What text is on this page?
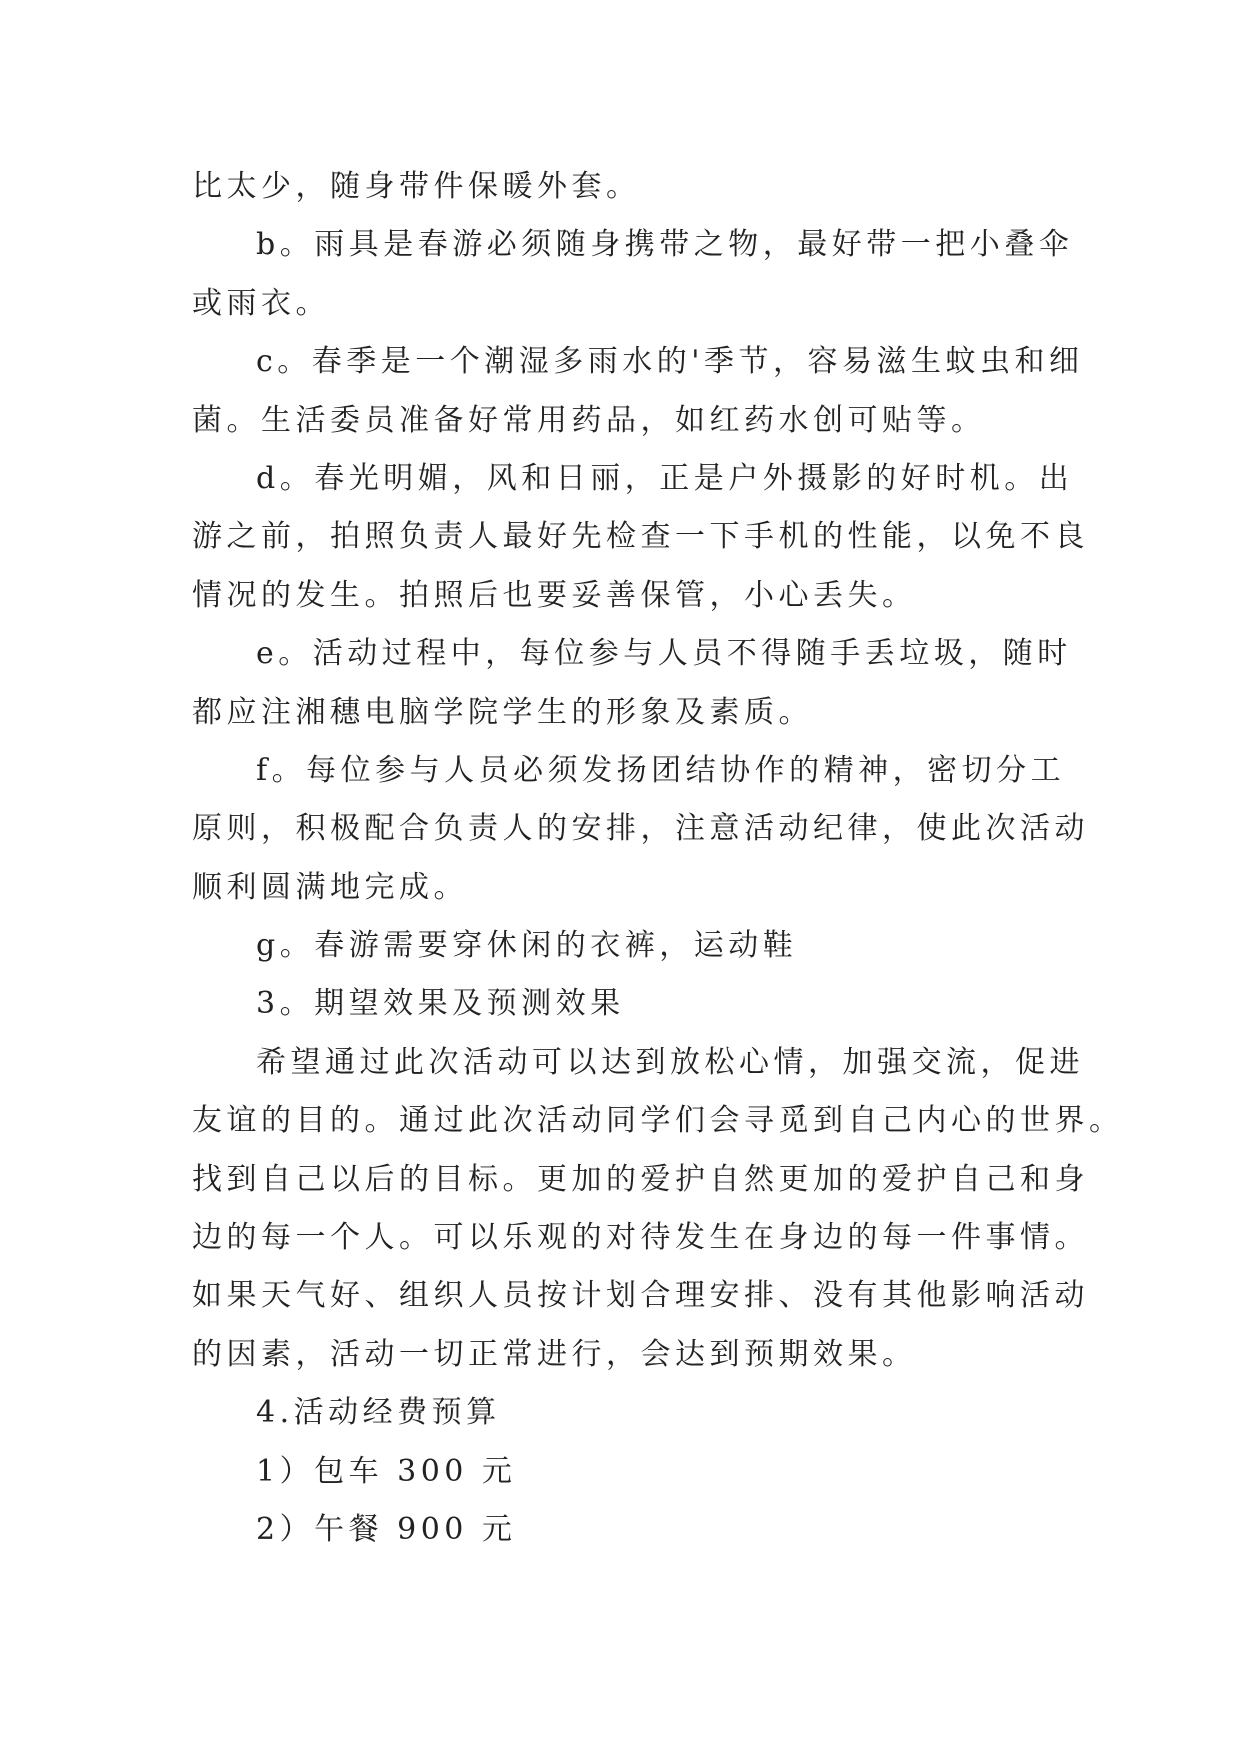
比太少，随身带件保暖外套。
b。雨具是春游必须随身携带之物，最好带一把小叠伞
或雨衣。
c。春季是一个潮湿多雨水的'季节，容易滋生蚊虫和细
菌。生活委员准备好常用药品，如红药水创可贴等。
d。春光明媚，风和日丽，正是户外摄影的好时机。出
游之前，拍照负责人最好先检查一下手机的性能，以免不良
情况的发生。拍照后也要妥善保管，小心丢失。
e。活动过程中，每位参与人员不得随手丢垃圾，随时
都应注湘穗电脑学院学生的形象及素质。
f。每位参与人员必须发扬团结协作的精神，密切分工
原则，积极配合负责人的安排，注意活动纪律，使此次活动
顺利圆满地完成。
g。春游需要穿休闲的衣裤，运动鞋
3。期望效果及预测效果
希望通过此次活动可以达到放松心情，加强交流，促进
友谊的目的。通过此次活动同学们会寻觅到自己内心的世界。
找到自己以后的目标。更加的爱护自然更加的爱护自己和身
边的每一个人。可以乐观的对待发生在身边的每一件事情。
如果天气好、组织人员按计划合理安排、没有其他影响活动
的因素，活动一切正常进行，会达到预期效果。
4.活动经费预算
1）包车 300 元
2）午餐 900 元
